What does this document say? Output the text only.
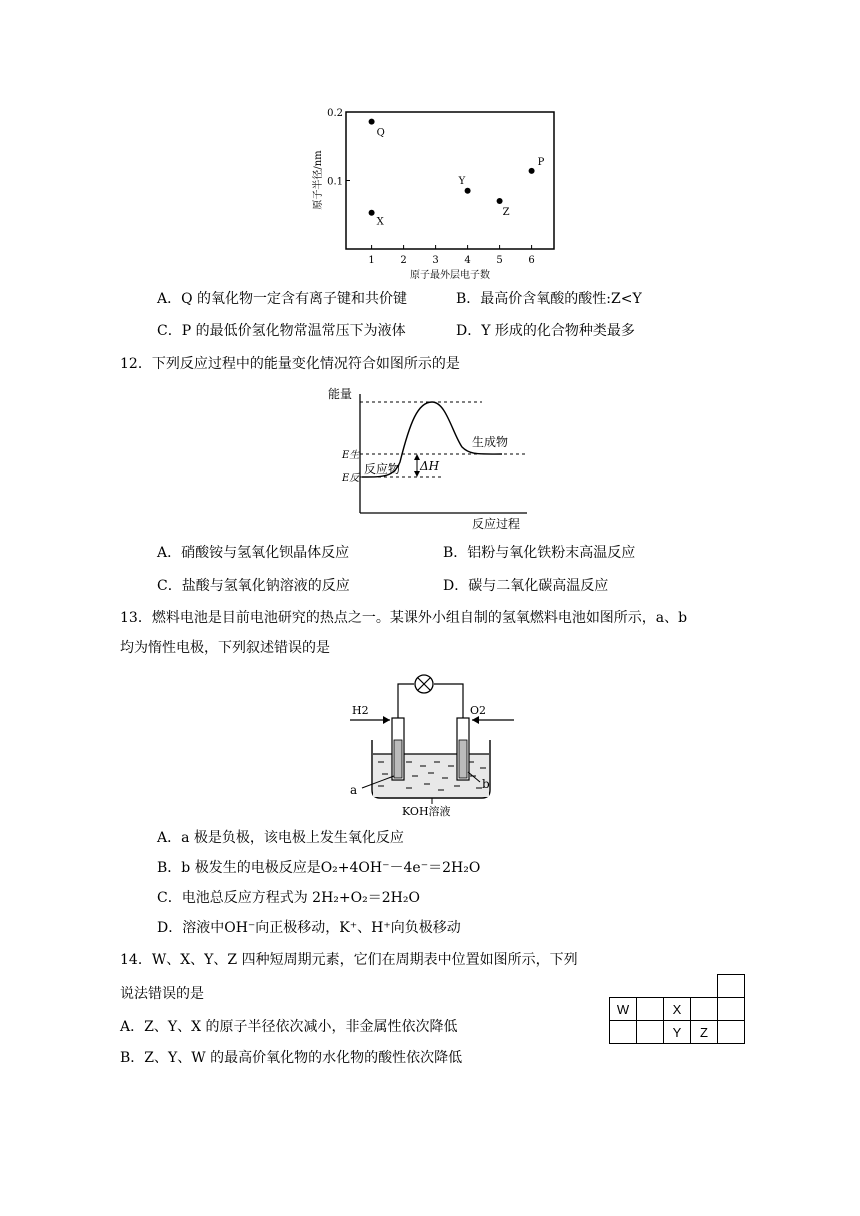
1	2	3	4	5	6
0.1
0.2
Q
X
Y
Z
P
原子半径/nm
原子最外层电子数
A．Q 的氧化物一定含有离子键和共价键	B．最高价含氧酸的酸性:Z<Y
C．P 的最低价氢化物常温常压下为液体	D．Y 形成的化合物种类最多
12．下列反应过程中的能量变化情况符合如图所示的是
ΔH
能量
反应过程
E生
E反
反应物
生成物
A．硝酸铵与氢氧化钡晶体反应	B．铝粉与氧化铁粉末高温反应
C．盐酸与氢氧化钠溶液的反应	D．碳与二氧化碳高温反应
13．燃料电池是目前电池研究的热点之一。某课外小组自制的氢氧燃料电池如图所示，a、b
均为惰性电极，下列叙述错误的是
H2	O2
a	b
KOH溶液
A．a 极是负极，该电极上发生氧化反应
B．b 极发生的电极反应是O₂+4OH⁻－4e⁻＝2H₂O
C．电池总反应方程式为 2H₂+O₂＝2H₂O
D．溶液中OH⁻向正极移动，K⁺、H⁺向负极移动
14．W、X、Y、Z 四种短周期元素，它们在周期表中位置如图所示，下列
说法错误的是
A．Z、Y、X 的原子半径依次减小，非金属性依次降低
B．Z、Y、W 的最高价氧化物的水化物的酸性依次降低

W		X		
		Y	Z	
